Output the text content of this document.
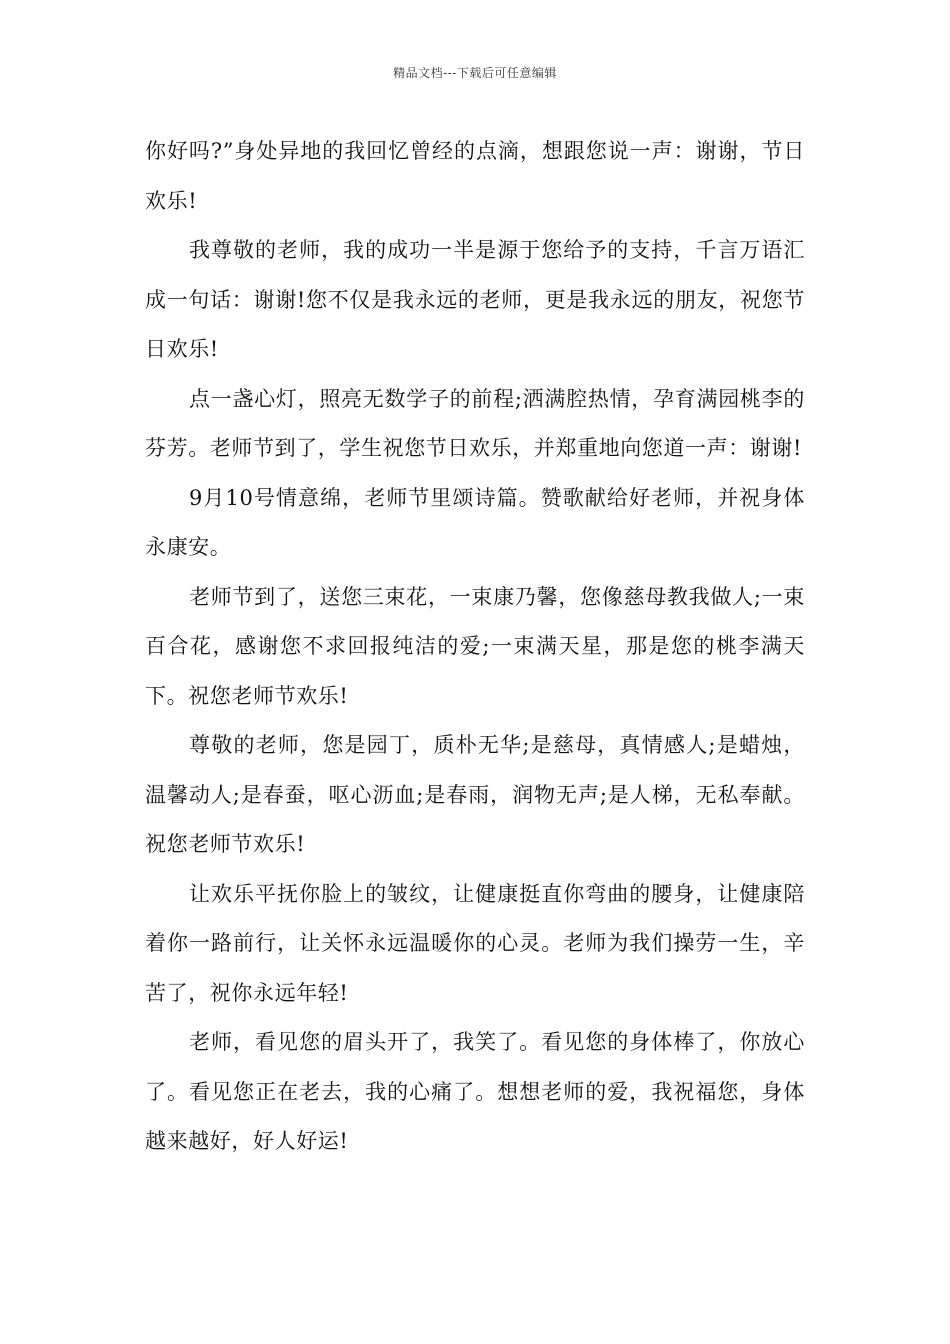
精品文档---下载后可任意编辑

你好吗?”身处异地的我回忆曾经的点滴，想跟您说一声：谢谢，节日欢乐!

我尊敬的老师，我的成功一半是源于您给予的支持，千言万语汇成一句话：谢谢!您不仅是我永远的老师，更是我永远的朋友，祝您节日欢乐!

点一盏心灯，照亮无数学子的前程;洒满腔热情，孕育满园桃李的芬芳。老师节到了，学生祝您节日欢乐，并郑重地向您道一声：谢谢!

9月10号情意绵，老师节里颂诗篇。赞歌献给好老师，并祝身体永康安。

老师节到了，送您三束花，一束康乃馨，您像慈母教我做人;一束百合花，感谢您不求回报纯洁的爱;一束满天星，那是您的桃李满天下。祝您老师节欢乐!

尊敬的老师，您是园丁，质朴无华;是慈母，真情感人;是蜡烛，温馨动人;是春蚕，呕心沥血;是春雨，润物无声;是人梯，无私奉献。祝您老师节欢乐!

让欢乐平抚你脸上的皱纹，让健康挺直你弯曲的腰身，让健康陪着你一路前行，让关怀永远温暖你的心灵。老师为我们操劳一生，辛苦了，祝你永远年轻!

老师，看见您的眉头开了，我笑了。看见您的身体棒了，你放心了。看见您正在老去，我的心痛了。想想老师的爱，我祝福您，身体越来越好，好人好运!
